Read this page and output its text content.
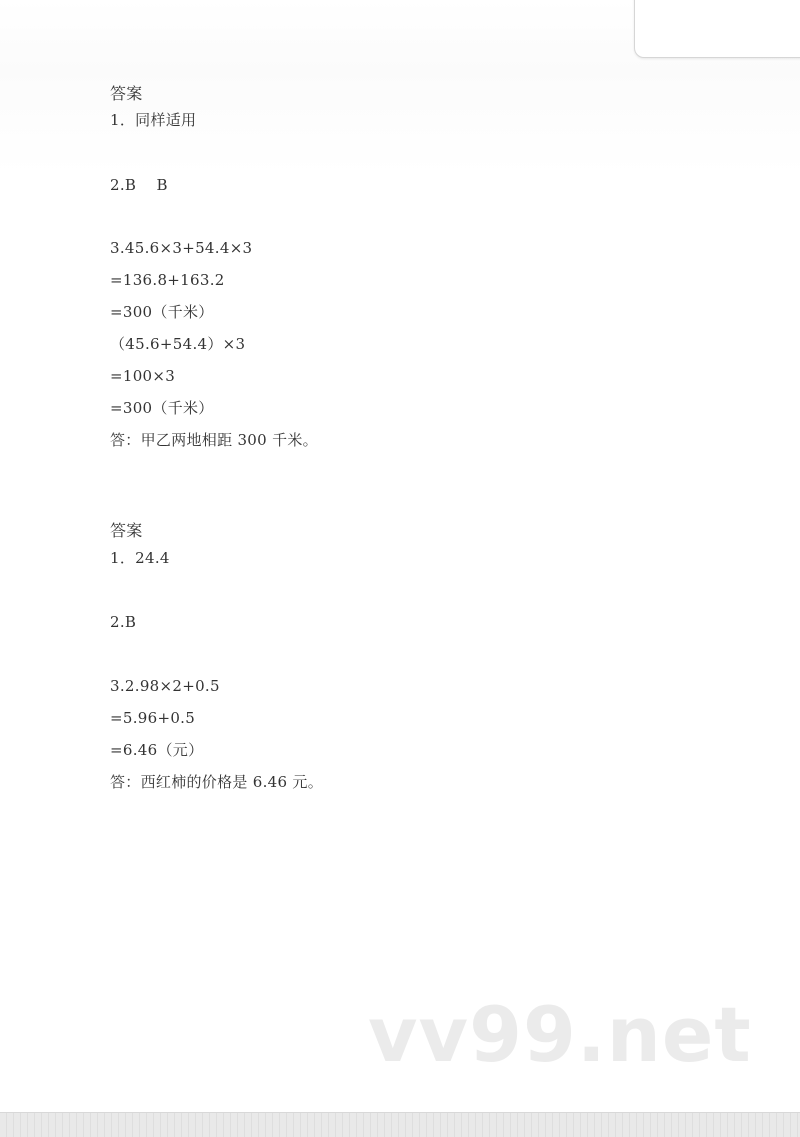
答案
1．同样适用
2.B    B
3.45.6×3+54.4×3
=136.8+163.2
=300（千米）
（45.6+54.4）×3
=100×3
=300（千米）
答：甲乙两地相距 300 千米。
答案
1．24.4
2.B
3.2.98×2+0.5
=5.96+0.5
=6.46（元）
答：西红柿的价格是 6.46 元。
vv99.net
